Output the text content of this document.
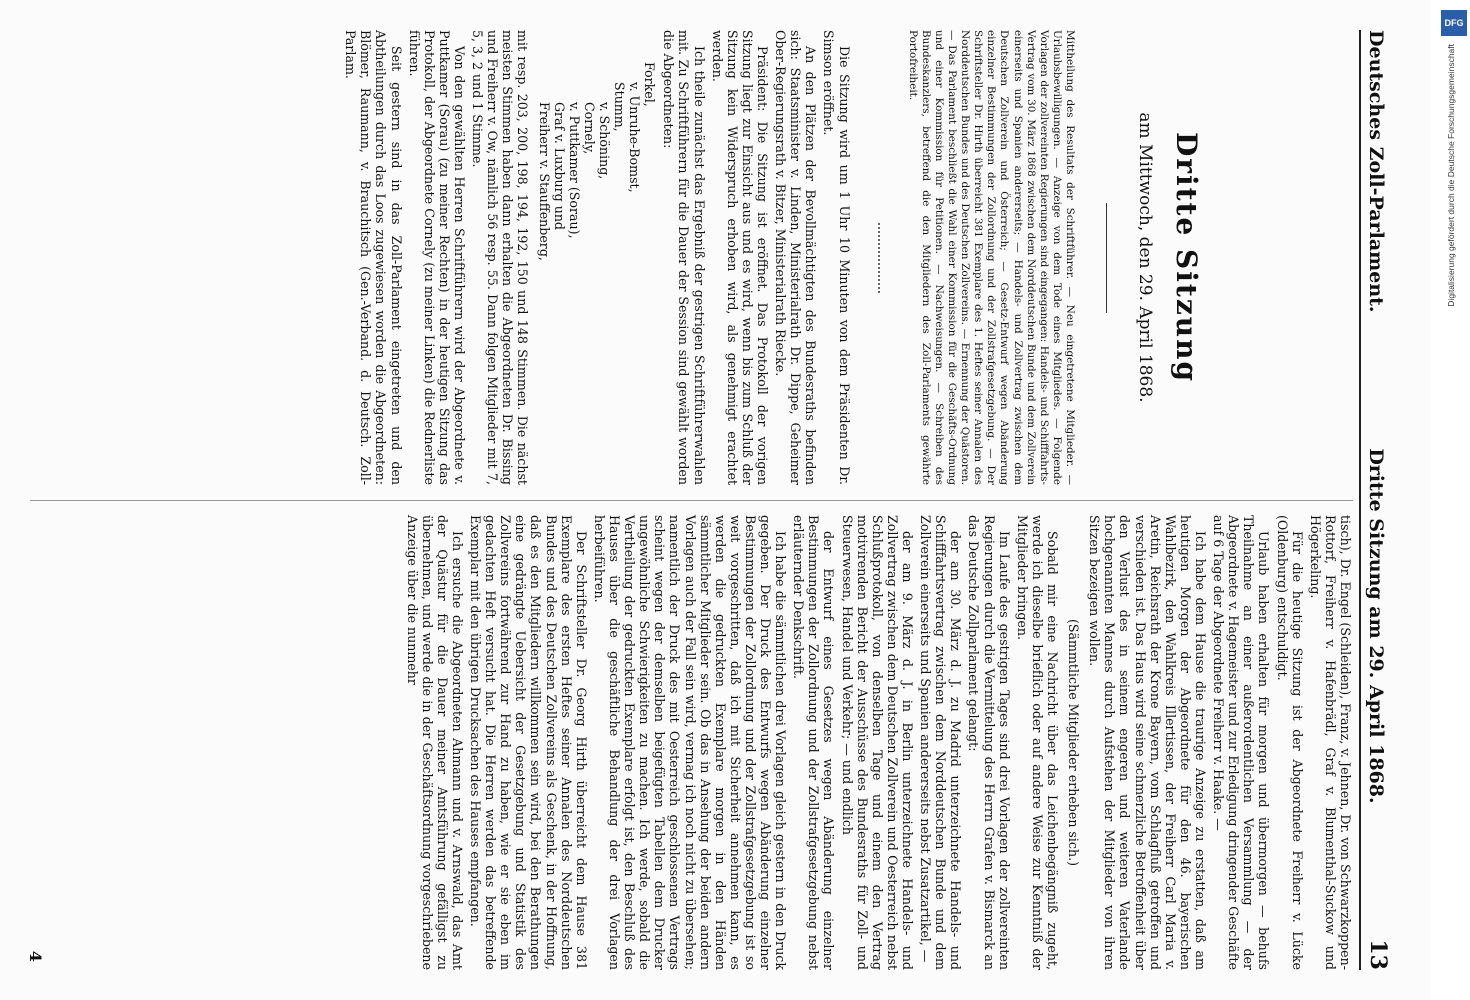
Deutsches Zoll-Parlament.
Dritte Sitzung am 29. April 1868.
13
Dritte Sitzung
am Mittwoch, den 29. April 1868.
Mittheilung des Resultats der Schriftführer. — Neu eingetretene Mitglieder. — Urlaubsbewilligungen. — Anzeige von dem Tode eines Mitgliedes. — Folgende Vorlagen der zollvereinten Regierungen sind eingegangen: Handels- und Schifffahrts-Vertrag vom 30. März 1868 zwischen dem Norddeutschen Bunde und dem Zollverein einerseits und Spanien andererseits; — Handels- und Zollvertrag zwischen dem Deutschen Zollverein und Österreich; — Gesetz-Entwurf wegen Abänderung einzelner Bestimmungen der Zollordnung und der Zollstrafgesetzgebung. — Der Schriftsteller Dr. Hirth überreicht 381 Exemplare des 1. Heftes seiner Annalen des Norddeutschen Bundes und des Deutschen Zollvereins. — Ernennung der Quästoren. — Das Parlament beschließt die Wahl einer Kommission für die Geschäfts-Ordnung und einer Kommission für Petitionen. — Nachweisungen. — Schreiben des Bundeskanzlers, betreffend die den Mitgliedern des Zoll-Parlaments gewährte Portofreiheit.

Die Sitzung wird um 1 Uhr 10 Minuten von dem Präsidenten Dr. Simson eröffnet.

An den Plätzen der Bevollmächtigten des Bundesraths befinden sich: Staatsminister v. Linden, Ministerialrath Dr. Dippe, Geheimer Ober-Regierungsrath v. Bitzer, Ministerialrath Riecke.

Präsident: Die Sitzung ist eröffnet. Das Protokoll der vorigen Sitzung liegt zur Einsicht aus und es wird, wenn bis zum Schluß der Sitzung kein Widerspruch erhoben wird, als genehmigt erachtet werden.

Ich theile zunächst das Ergebniß der gestrigen Schriftführerwahlen mit. Zu Schriftführern für die Dauer der Session sind gewählt worden die Abgeordneten:

Forkel,
v. Unruhe-Bomst,
Stumm,
v. Schöning,
Cornely,
v. Puttkamer (Sorau),
Graf v. Luxburg und
Freiherr v. Stauffenberg,

mit resp. 203, 200, 198, 194, 192, 150 und 148 Stimmen. Die nächst meisten Stimmen haben dann erhalten die Abgeordneten Dr. Bissing und Freiherr v. Ow, nämlich 56 resp. 55. Dann folgen Mitglieder mit 7, 5, 3, 2 und 1 Stimme.

Von den gewählten Herren Schriftführern wird der Abgeordnete v. Puttkamer (Sorau) (zu meiner Rechten) in der heutigen Sitzung das Protokoll, der Abgeordnete Cornely (zu meiner Linken) die Rednerliste führen.

Seit gestern sind in das Zoll-Parlament eingetreten und den Abtheilungen durch das Loos zugewiesen worden die Abgeordneten: Blömer, Raumann, v. Brauchitsch (Gen.-Verband. d. Deutsch. Zoll-Parlam.

tisch), Dr. Engel (Schleiden), Franz, v. Jehnen, Dr. von Schwarzkoppen-Rottorf, Freiherr v. Hafenbrädl, Graf v. Blumenthal-Suckow und Högerkeling.

Für die heutige Sitzung ist der Abgeordnete Freiherr v. Lücke (Oldenburg) entschuldigt.

Urlaub haben erhalten für morgen und übermorgen — behufs Theilnahme an einer außerordentlichen Versammlung — der Abgeordnete v. Hagemeister und zur Erledigung dringender Geschäfte auf 6 Tage der Abgeordnete Freiherr v. Haake. —

Ich habe dem Hause die traurige Anzeige zu erstatten, daß am heutigen Morgen der Abgeordnete für den 46. bayerischen Wahlbezirk, den Wahlkreis Illertissen, der Freiherr Carl Maria v. Aretin, Reichsrath der Krone Bayern, vom Schlagfluß getroffen und verschieden ist. Das Haus wird seine schmerzliche Betroffenheit über den Verlust des in seinem engeren und weiteren Vaterlande hochgenannten Mannes durch Aufstehen der Mitglieder von ihren Sitzen bezeigen wollen.

(Sämmtliche Mitglieder erheben sich.)

Sobald mir eine Nachricht über das Leichenbegängniß zugeht, werde ich dieselbe brieflich oder auf andere Weise zur Kenntniß der Mitglieder bringen.

Im Laufe des gestrigen Tages sind drei Vorlagen der zollvereinten Regierungen durch die Vermittelung des Herrn Grafen v. Bismarck an das Deutsche Zollparlament gelangt:

der am 30. März d. J. zu Madrid unterzeichnete Handels- und Schifffahrtsvertrag zwischen dem Norddeutschen Bunde und dem Zollverein einerseits und Spanien andererseits nebst Zusatzartikel, —

der am 9. März d. J. in Berlin unterzeichnete Handels- und Zollvertrag zwischen dem Deutschen Zollverein und Oesterreich nebst Schlußprotokoll, von denselben Tage und einem den Vertrag motivirenden Bericht der Ausschüsse des Bundesraths für Zoll- und Steuerwesen, Handel und Verkehr; — und endlich

der Entwurf eines Gesetzes wegen Abänderung einzelner Bestimmungen der Zollordnung und der Zollstrafgesetzgebung nebst erläuternder Denkschrift.

Ich habe die sämmtlichen drei Vorlagen gleich gestern in den Druck gegeben. Der Druck des Entwurfs wegen Abänderung einzelner Bestimmungen der Zollordnung und der Zollstrafgesetzgebung ist so weit vorgeschritten, daß ich mit Sicherheit annehmen kann, es werden die gedruckten Exemplare morgen in den Händen sämmtlicher Mitglieder sein. Ob das in Ansehung der beiden andern Vorlagen auch der Fall sein wird, vermag ich noch nicht zu übersehen; namentlich der Druck des mit Oesterreich geschlossenen Vertrags scheint wegen der demselben beigefügten Tabellen dem Drucker ungewöhnliche Schwierigkeiten zu machen. Ich werde, sobald die Vertheilung der gedruckten Exemplare erfolgt ist, den Beschluß des Hauses über die geschäftliche Behandlung der drei Vorlagen herbeiführen.

Der Schriftsteller Dr. Georg Hirth überreicht dem Hause 381 Exemplare des ersten Heftes seiner Annalen des Norddeutschen Bundes und des Deutschen Zollvereins als Geschenk, in der Hoffnung, daß es den Mitgliedern willkommen sein wird, bei den Berathungen eine gedrängte Uebersicht der Gesetzgebung und Statistik des Zollvereins fortwährend zur Hand zu haben, wie er sie eben im gedachten Heft versucht hat. Die Herren werden das betreffende Exemplar mit den übrigen Drucksachen des Hauses empfangen.

Ich ersuche die Abgeordneten Ahmann und v. Arnswald, das Amt der Quästur für die Dauer meiner Amtsführung gefälligst zu übernehmen, und werde die in der Geschäftsordnung vorgeschriebene Anzeige über die nunmehr

4
DFG
Digitalisierung gefördert durch die Deutsche Forschungsgemeinschaft
